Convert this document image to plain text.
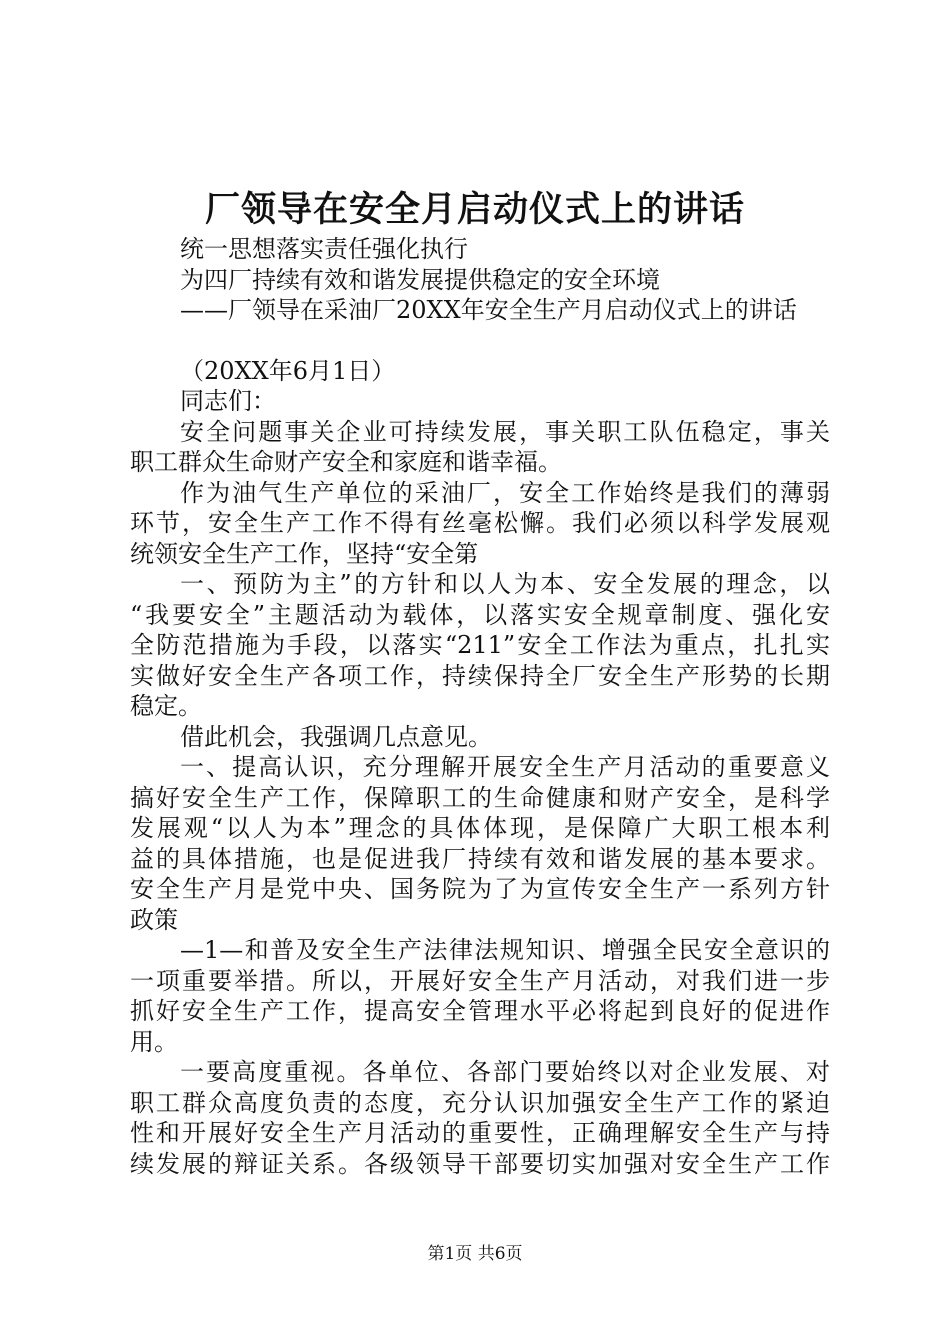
厂领导在安全月启动仪式上的讲话

统一思想落实责任强化执行

为四厂持续有效和谐发展提供稳定的安全环境

——厂领导在采油厂20XX年安全生产月启动仪式上的讲话

（20XX年6月1日）

同志们：

安全问题事关企业可持续发展，事关职工队伍稳定，事关

职工群众生命财产安全和家庭和谐幸福。

作为油气生产单位的采油厂，安全工作始终是我们的薄弱

环节，安全生产工作不得有丝毫松懈。我们必须以科学发展观

统领安全生产工作，坚持“安全第

一、预防为主”的方针和以人为本、安全发展的理念，以

“我要安全”主题活动为载体，以落实安全规章制度、强化安

全防范措施为手段，以落实“211”安全工作法为重点，扎扎实

实做好安全生产各项工作，持续保持全厂安全生产形势的长期

稳定。

借此机会，我强调几点意见。

一、提高认识，充分理解开展安全生产月活动的重要意义

搞好安全生产工作，保障职工的生命健康和财产安全，是科学

发展观“以人为本”理念的具体体现，是保障广大职工根本利

益的具体措施，也是促进我厂持续有效和谐发展的基本要求。

安全生产月是党中央、国务院为了为宣传安全生产一系列方针

政策

—1—和普及安全生产法律法规知识、增强全民安全意识的

一项重要举措。所以，开展好安全生产月活动，对我们进一步

抓好安全生产工作，提高安全管理水平必将起到良好的促进作

用。

一要高度重视。各单位、各部门要始终以对企业发展、对

职工群众高度负责的态度，充分认识加强安全生产工作的紧迫

性和开展好安全生产月活动的重要性，正确理解安全生产与持

续发展的辩证关系。各级领导干部要切实加强对安全生产工作

第1页 共6页
